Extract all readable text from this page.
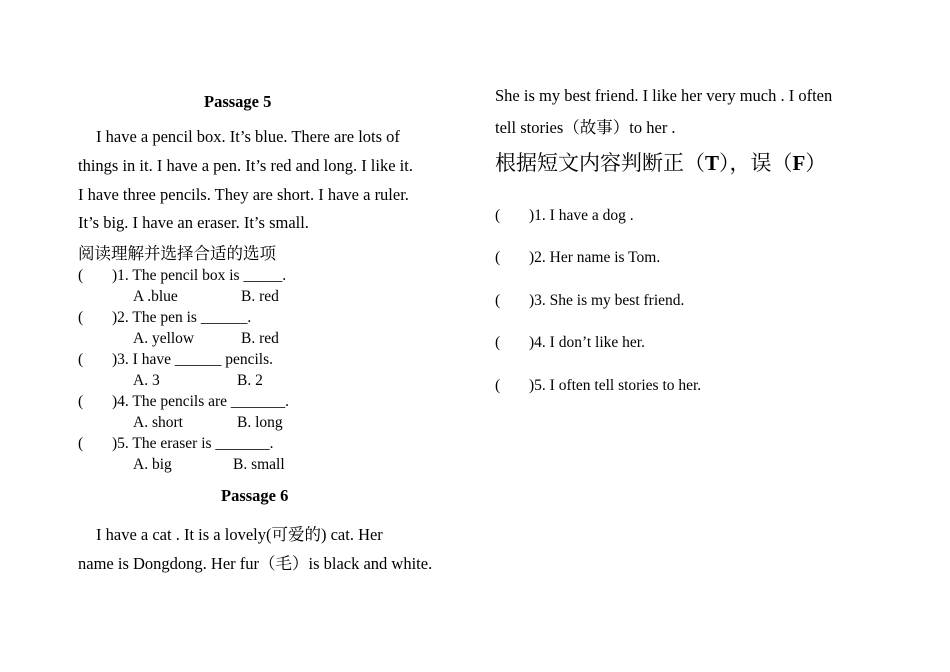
Passage 5
I have a pencil box. It’s blue. There are lots of
things in it. I have a pen. It’s red and long. I like it.
I have three pencils. They are short. I have a ruler.
It’s big. I have an eraser. It’s small.
阅读理解并选择合适的选项
( )1. The pencil box is _____.
A .blue	B. red
( )2. The pen is ______.
A. yellow	B. red
( )3. I have ______ pencils.
A. 3	B. 2
( )4. The pencils are _______.
A. short	B. long
( )5. The eraser is _______.
A. big	B. small
Passage 6
I have a cat . It is a lovely(可爱的) cat. Her
name is Dongdong. Her fur（毛）is black and white.
She is my best friend. I like her very much . I often
tell stories（故事）to her .
根据短文内容判断正（T），误（F）
( )1. I have a dog .
( )2. Her name is Tom.
( )3. She is my best friend.
( )4. I don’t like her.
( )5. I often tell stories to her.
